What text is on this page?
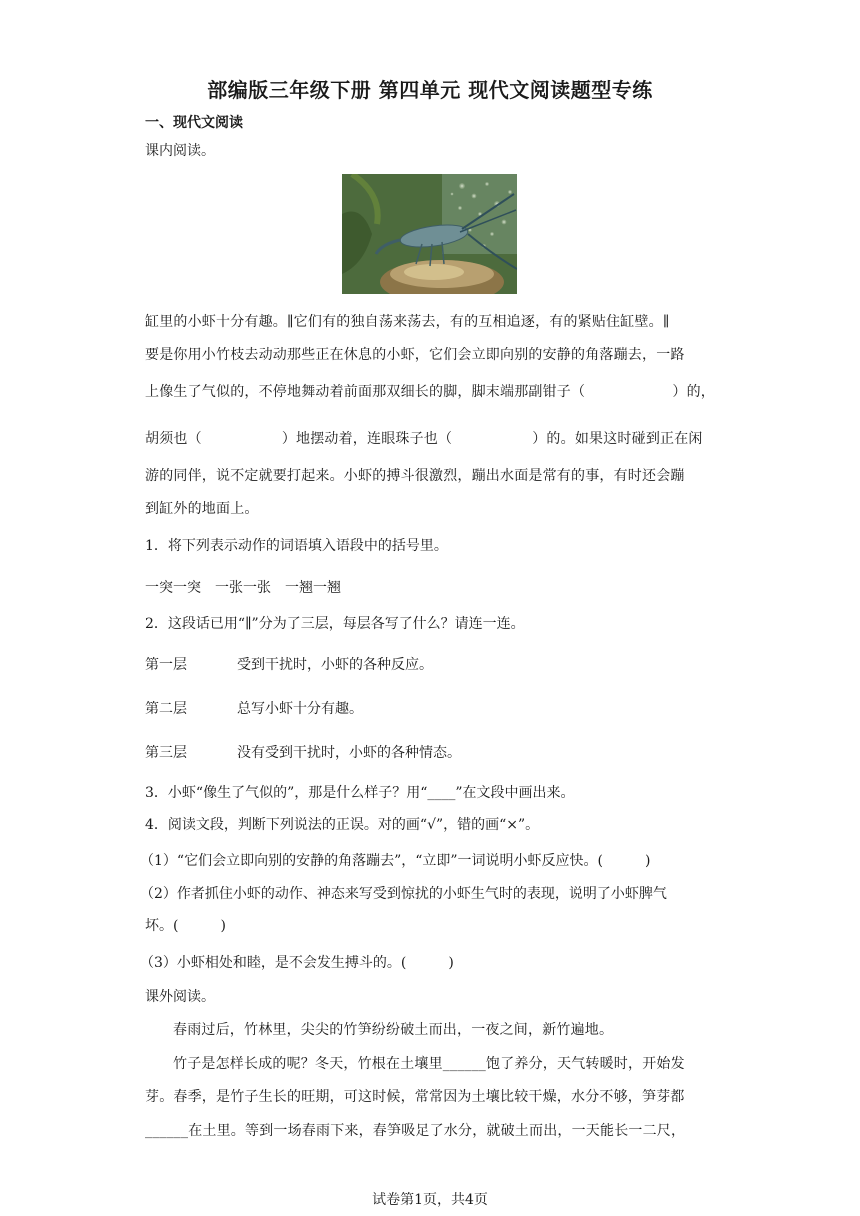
部编版三年级下册 第四单元 现代文阅读题型专练
一、现代文阅读
课内阅读。
缸里的小虾十分有趣。∥它们有的独自荡来荡去，有的互相追逐，有的紧贴住缸壁。∥
要是你用小竹枝去动动那些正在休息的小虾，它们会立即向别的安静的角落蹦去，一路
上像生了气似的，不停地舞动着前面那双细长的脚，脚末端那副钳子（	）的，
胡须也（	）地摆动着，连眼珠子也（	）的。如果这时碰到正在闲
游的同伴，说不定就要打起来。小虾的搏斗很激烈，蹦出水面是常有的事，有时还会蹦
到缸外的地面上。
1．将下列表示动作的词语填入语段中的括号里。
一突一突　一张一张　一翘一翘
2．这段话已用“∥”分为了三层，每层各写了什么？请连一连。
第一层	受到干扰时，小虾的各种反应。
第二层	总写小虾十分有趣。
第三层	没有受到干扰时，小虾的各种情态。
3．小虾“像生了气似的”，那是什么样子？用“____”在文段中画出来。
4．阅读文段，判断下列说法的正误。对的画“√”，错的画“×”。
（1）“它们会立即向别的安静的角落蹦去”，“立即”一词说明小虾反应快。(　　　)
（2）作者抓住小虾的动作、神态来写受到惊扰的小虾生气时的表现，说明了小虾脾气
坏。(　　　)
（3）小虾相处和睦，是不会发生搏斗的。(　　　)
课外阅读。
春雨过后，竹林里，尖尖的竹笋纷纷破土而出，一夜之间，新竹遍地。
竹子是怎样长成的呢？冬天，竹根在土壤里______饱了养分，天气转暖时，开始发
芽。春季，是竹子生长的旺期，可这时候，常常因为土壤比较干燥，水分不够，笋芽都
______在土里。等到一场春雨下来，春笋吸足了水分，就破土而出，一天能长一二尺，
试卷第1页，共4页
